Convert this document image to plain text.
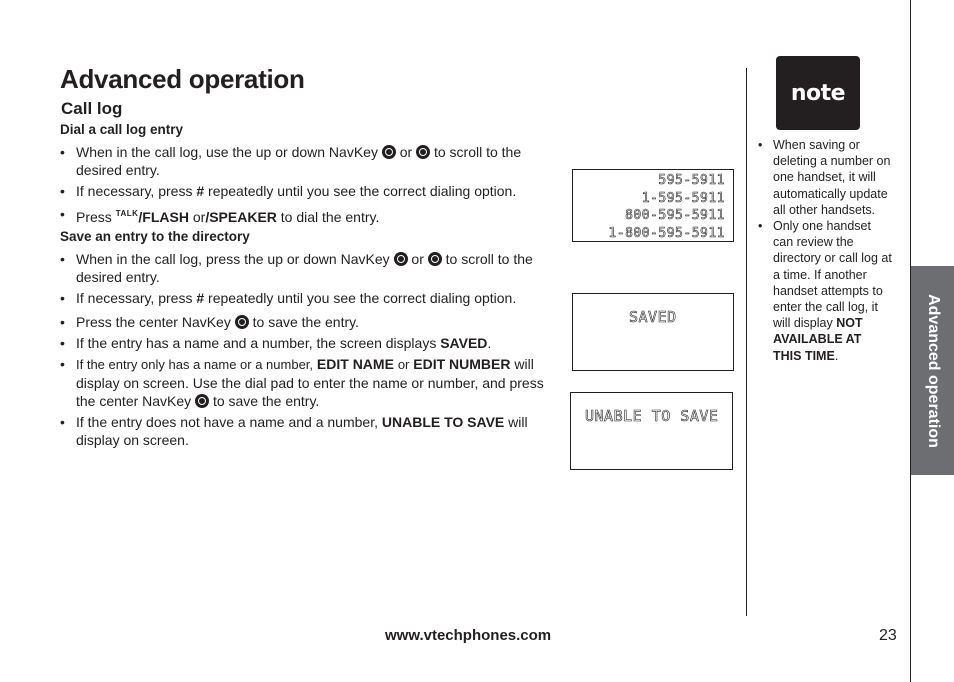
Advanced operation
Call log
Dial a call log entry
• When in the call log, use the up or down NavKey or to scroll to the desired entry.
• If necessary, press # repeatedly until you see the correct dialing option.
• Press TALK/FLASH or/SPEAKER to dial the entry.
Save an entry to the directory
• When in the call log, press the up or down NavKey or to scroll to the desired entry.
• If necessary, press # repeatedly until you see the correct dialing option.
• Press the center NavKey to save the entry.
• If the entry has a name and a number, the screen displays SAVED.
• If the entry only has a name or a number, EDIT NAME or EDIT NUMBER will display on screen. Use the dial pad to enter the name or number, and press the center NavKey to save the entry.
• If the entry does not have a name and a number, UNABLE TO SAVE will display on screen.
595-5911
1-595-5911
800-595-5911
1-800-595-5911
SAVED
UNABLE TO SAVE
note
• When saving or deleting a number on one handset, it will automatically update all other handsets.
• Only one handset can review the directory or call log at a time. If another handset attempts to enter the call log, it will display NOT AVAILABLE AT THIS TIME.	Advanced operation
www.vtechphones.com	23
